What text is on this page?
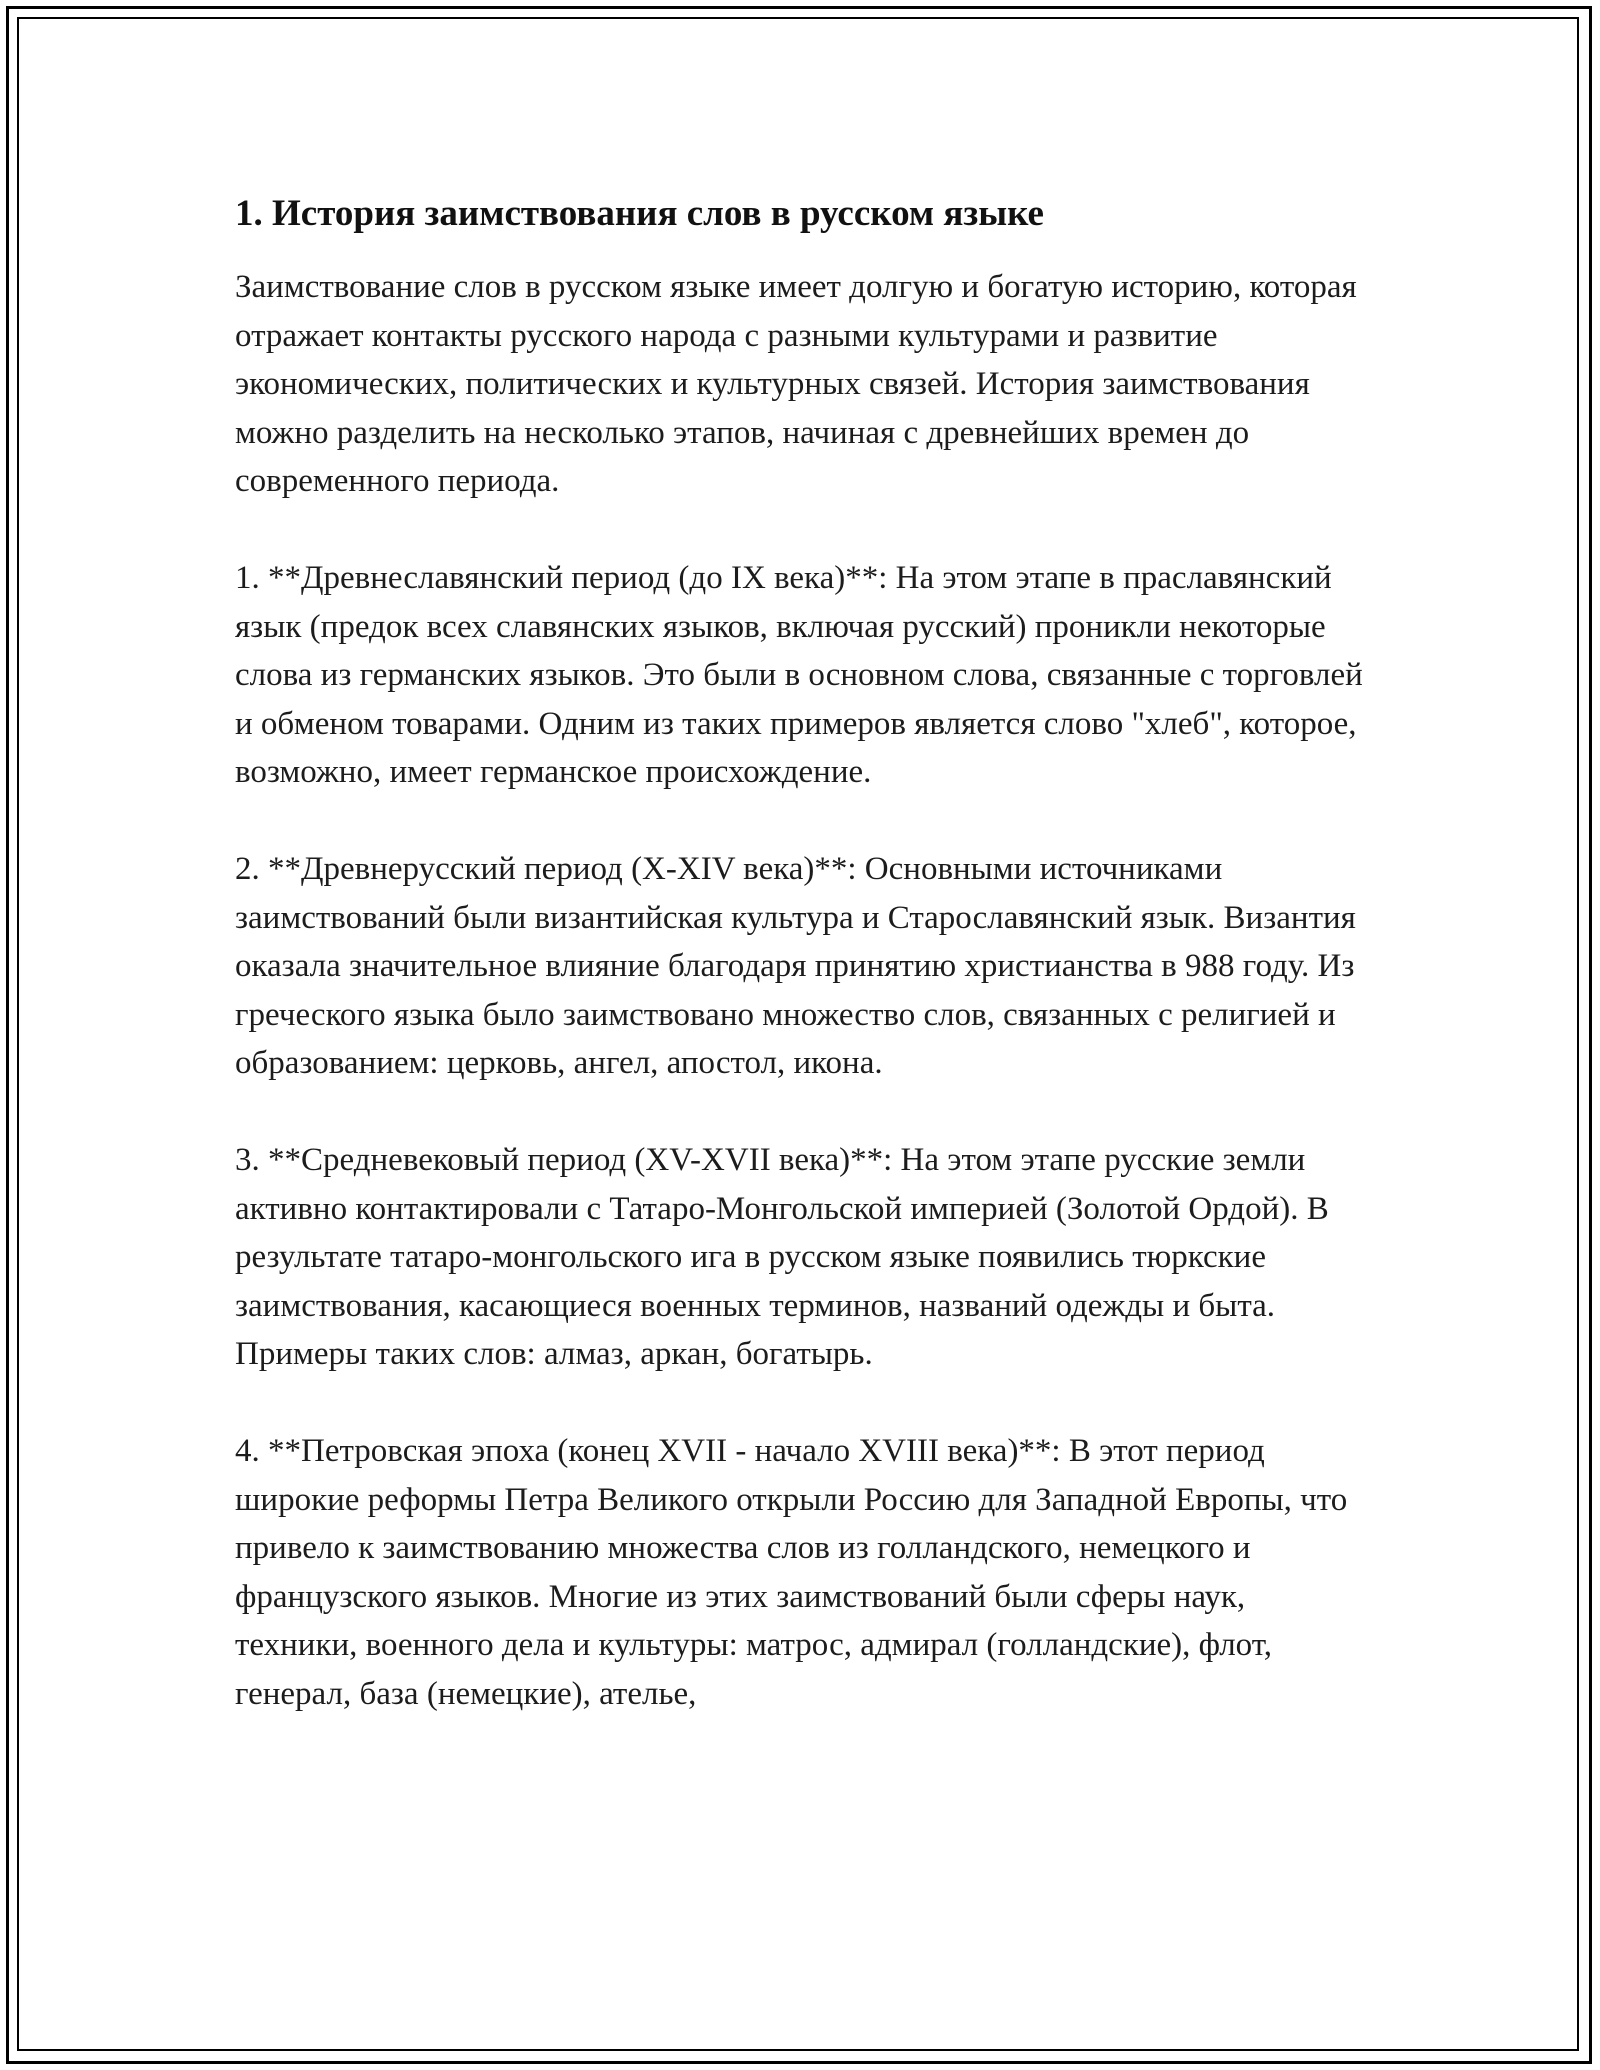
1. История заимствования слов в русском языке

Заимствование слов в русском языке имеет долгую и богатую историю, которая отражает контакты русского народа с разными культурами и развитие экономических, политических и культурных связей. История заимствования можно разделить на несколько этапов, начиная с древнейших времен до современного периода.

1. **Древнеславянский период (до IX века)**: На этом этапе в праславянский язык (предок всех славянских языков, включая русский) проникли некоторые слова из германских языков. Это были в основном слова, связанные с торговлей и обменом товарами. Одним из таких примеров является слово "хлеб", которое, возможно, имеет германское происхождение.

2. **Древнерусский период (X-XIV века)**: Основными источниками заимствований были византийская культура и Старославянский язык. Византия оказала значительное влияние благодаря принятию христианства в 988 году. Из греческого языка было заимствовано множество слов, связанных с религией и образованием: церковь, ангел, апостол, икона.

3. **Средневековый период (XV-XVII века)**: На этом этапе русские земли активно контактировали с Татаро-Монгольской империей (Золотой Ордой). В результате татаро-монгольского ига в русском языке появились тюркские заимствования, касающиеся военных терминов, названий одежды и быта. Примеры таких слов: алмаз, аркан, богатырь.

4. **Петровская эпоха (конец XVII - начало XVIII века)**: В этот период широкие реформы Петра Великого открыли Россию для Западной Европы, что привело к заимствованию множества слов из голландского, немецкого и французского языков. Многие из этих заимствований были сферы наук, техники, военного дела и культуры: матрос, адмирал (голландские), флот, генерал, база (немецкие), ателье,
